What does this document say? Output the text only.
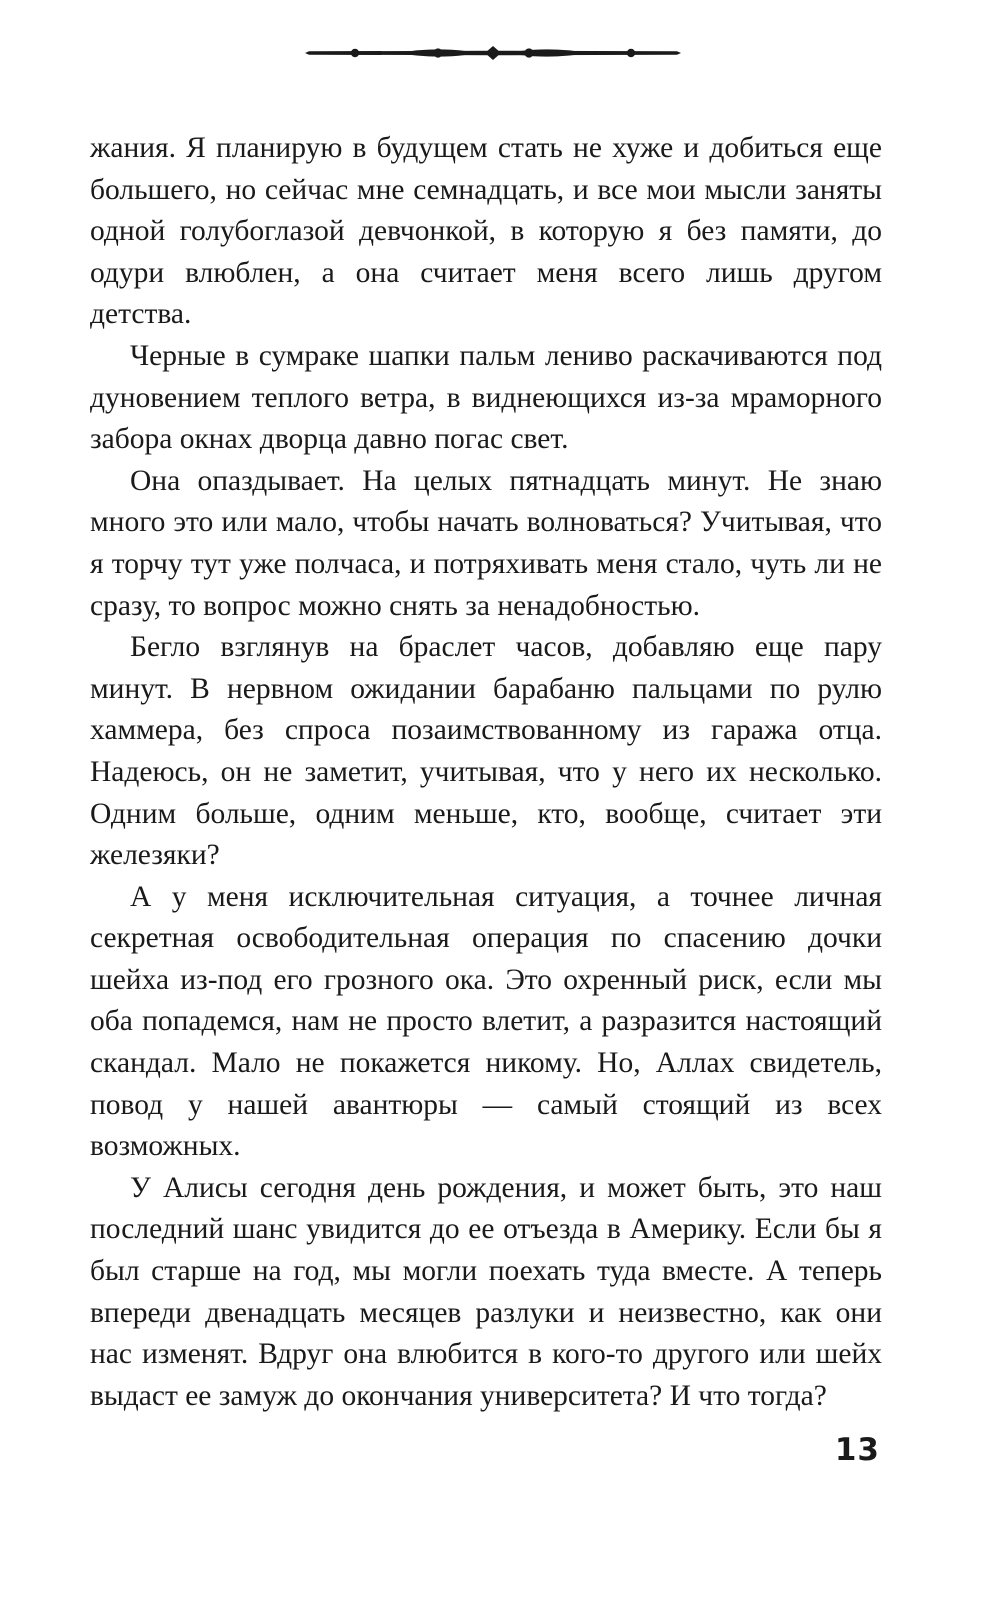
жания. Я планирую в будущем стать не хуже и добиться еще большего, но сейчас мне семнадцать, и все мои мысли заняты одной голубоглазой девчонкой, в которую я без памяти, до одури влюблен, а она считает меня всего лишь другом детства.

Черные в сумраке шапки пальм лениво раскачиваются под дуновением теплого ветра, в виднеющихся из-за мраморного забора окнах дворца давно погас свет.

Она опаздывает. На целых пятнадцать минут. Не знаю много это или мало, чтобы начать волноваться? Учитывая, что я торчу тут уже полчаса, и потряхивать меня стало, чуть ли не сразу, то вопрос можно снять за ненадобностью.

Бегло взглянув на браслет часов, добавляю еще пару минут. В нервном ожидании барабаню пальцами по рулю хаммера, без спроса позаимствованному из гаража отца. Надеюсь, он не заметит, учитывая, что у него их несколько. Одним больше, одним меньше, кто, вообще, считает эти железяки?

А у меня исключительная ситуация, а точнее личная секретная освободительная операция по спасению дочки шейха из-под его грозного ока. Это охренный риск, если мы оба попадемся, нам не просто влетит, а разразится настоящий скандал. Мало не покажется никому. Но, Аллах свидетель, повод у нашей авантюры — самый стоящий из всех возможных.

У Алисы сегодня день рождения, и может быть, это наш последний шанс увидится до ее отъезда в Америку. Если бы я был старше на год, мы могли поехать туда вместе. А теперь впереди двенадцать месяцев разлуки и неизвестно, как они нас изменят. Вдруг она влюбится в кого-то другого или шейх выдаст ее замуж до окончания университета? И что тогда?

13
